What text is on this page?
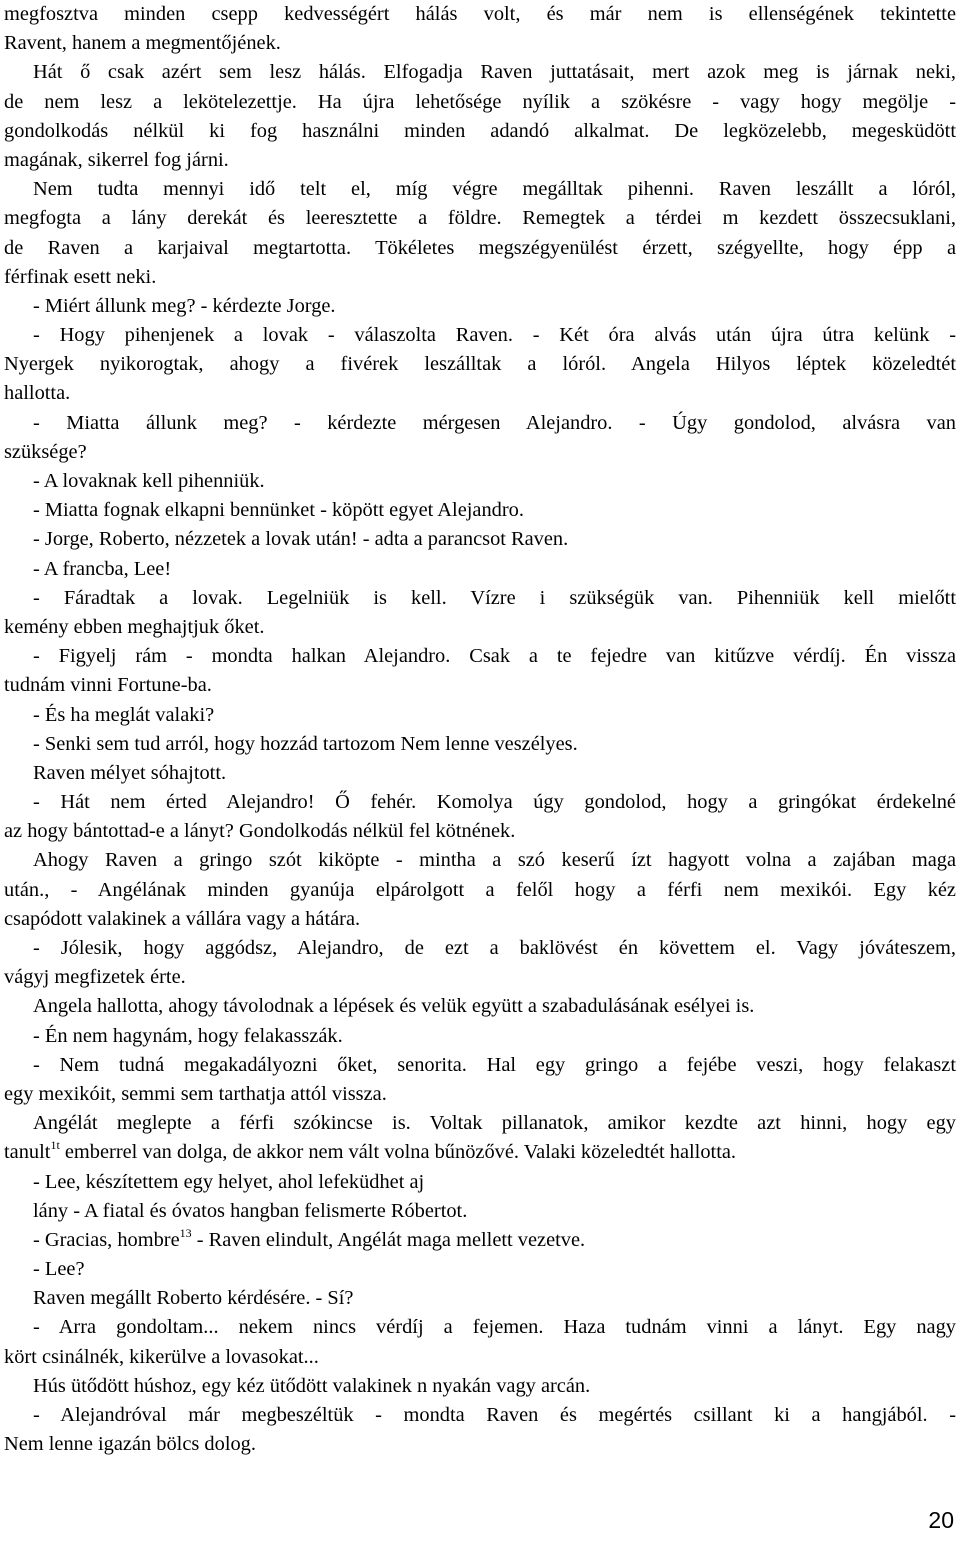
megfosztva minden csepp kedvességért hálás volt, és már nem is ellenségének tekintette
Ravent, hanem a megmentőjének.
Hát ő csak azért sem lesz hálás. Elfogadja Raven juttatásait, mert azok meg is járnak neki,
de nem lesz a lekötelezettje. Ha újra lehetősége nyílik a szökésre - vagy hogy megölje -
gondolkodás nélkül ki fog használni minden adandó alkalmat. De legközelebb, megesküdött
magának, sikerrel fog járni.
Nem tudta mennyi idő telt el, míg végre megálltak pihenni. Raven leszállt a lóról,
megfogta a lány derekát és leeresztette a földre. Remegtek a térdei m kezdett összecsuklani,
de Raven a karjaival megtartotta. Tökéletes megszégyenülést érzett, szégyellte, hogy épp a
férfinak esett neki.
- Miért állunk meg? - kérdezte Jorge.
- Hogy pihenjenek a lovak - válaszolta Raven. - Két óra alvás után újra útra kelünk -
Nyergek nyikorogtak, ahogy a fivérek leszálltak a lóról. Angela Hilyos léptek közeledtét
hallotta.
- Miatta állunk meg? - kérdezte mérgesen Alejandro. - Úgy gondolod, alvásra van
szüksége?
- A lovaknak kell pihenniük.
- Miatta fognak elkapni bennünket - köpött egyet Alejandro.
- Jorge, Roberto, nézzetek a lovak után! - adta a parancsot Raven.
- A francba, Lee!
- Fáradtak a lovak. Legelniük is kell. Vízre i szükségük van. Pihenniük kell mielőtt
kemény ebben meghajtjuk őket.
- Figyelj rám - mondta halkan Alejandro. Csak a te fejedre van kitűzve vérdíj. Én vissza
tudnám vinni Fortune-ba.
- És ha meglát valaki?
- Senki sem tud arról, hogy hozzád tartozom Nem lenne veszélyes.
Raven mélyet sóhajtott.
- Hát nem érted Alejandro! Ő fehér. Komolya úgy gondolod, hogy a gringókat érdekelné
az hogy bántottad-e a lányt? Gondolkodás nélkül fel kötnének.
Ahogy Raven a gringo szót kiköpte - mintha a szó keserű ízt hagyott volna a zajában maga
után., - Angélának minden gyanúja elpárolgott a felől hogy a férfi nem mexikói. Egy kéz
csapódott valakinek a vállára vagy a hátára.
- Jólesik, hogy aggódsz, Alejandro, de ezt a baklövést én követtem el. Vagy jóváteszem,
vágyj megfizetek érte.
Angela hallotta, ahogy távolodnak a lépések és velük együtt a szabadulásának esélyei is.
- Én nem hagynám, hogy felakasszák.
- Nem tudná megakadályozni őket, senorita. Hal egy gringo a fejébe veszi, hogy felakaszt
egy mexikóit, semmi sem tarthatja attól vissza.
Angélát meglepte a férfi szókincse is. Voltak pillanatok, amikor kezdte azt hinni, hogy egy
tanult$^{1t}$ emberrel van dolga, de akkor nem vált volna bűnözővé. Valaki közeledtét hallotta.
- Lee, készítettem egy helyet, ahol lefeküdhet aj
lány - A fiatal és óvatos hangban felismerte Róbertot.
- Gracias, hombre$^{13}$ - Raven elindult, Angélát maga mellett vezetve.
- Lee?
Raven megállt Roberto kérdésére. - Sí?
- Arra gondoltam... nekem nincs vérdíj a fejemen. Haza tudnám vinni a lányt. Egy nagy
kört csinálnék, kikerülve a lovasokat...
Hús ütődött húshoz, egy kéz ütődött valakinek n nyakán vagy arcán.
- Alejandróval már megbeszéltük - mondta Raven és megértés csillant ki a hangjából. -
Nem lenne igazán bölcs dolog.
20
